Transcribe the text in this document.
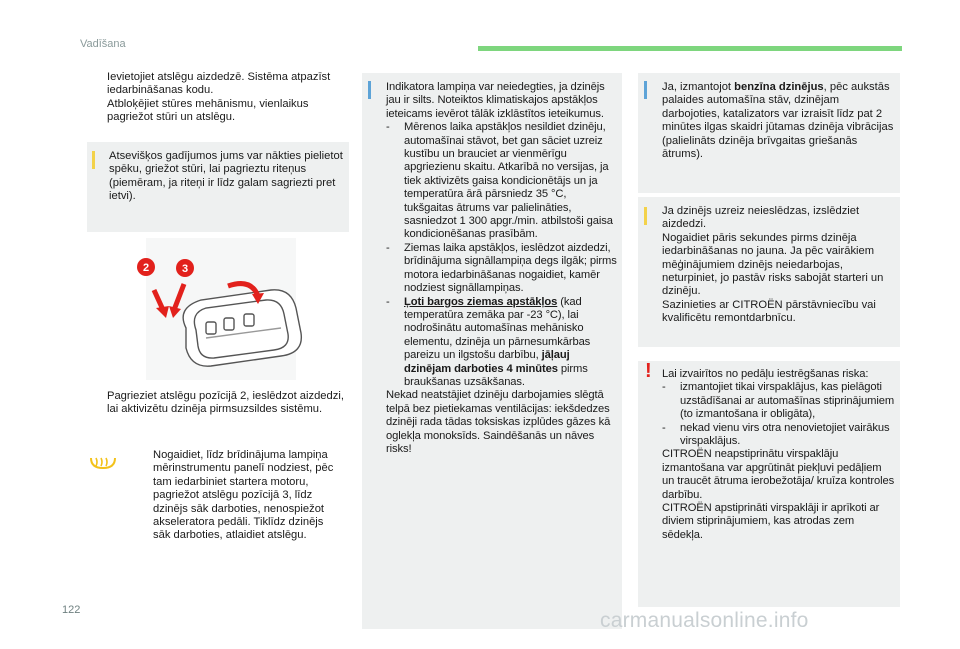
Vadīšana
Ievietojiet atslēgu aizdedzē. Sistēma atpazīst iedarbināšanas kodu.
Atbloķējiet stūres mehānismu, vienlaikus pagriežot stūri un atslēgu.
Atsevišķos gadījumos jums var nākties pielietot spēku, griežot stūri, lai pagrieztu riteņus (piemēram, ja riteņi ir līdz galam sagriezti pret ietvi).
2	3
Pagrieziet atslēgu pozīcijā 2, ieslēdzot aizdedzi, lai aktivizētu dzinēja pirmsuzsildes sistēmu.
Nogaidiet, līdz brīdinājuma lampiņa mērinstrumentu panelī nodziest, pēc tam iedarbiniet startera motoru, pagriežot atslēgu pozīcijā 3, līdz dzinējs sāk darboties, nenospiežot akseleratora pedāli. Tiklīdz dzinējs sāk darboties, atlaidiet atslēgu.
Indikatora lampiņa var neiedegties, ja dzinējs jau ir silts. Noteiktos klimatiskajos apstākļos ieteicams ievērot tālāk izklāstītos ieteikumus.
- Mērenos laika apstākļos nesildiet dzinēju, automašīnai stāvot, bet gan sāciet uzreiz kustību un brauciet ar vienmērīgu apgriezienu skaitu. Atkarībā no versijas, ja tiek aktivizēts gaisa kondicionētājs un ja temperatūra ārā pārsniedz 35 °C, tukšgaitas ātrums var palielināties, sasniedzot 1 300 apgr./min. atbilstoši gaisa kondicionēšanas prasībām.
- Ziemas laika apstākļos, ieslēdzot aizdedzi, brīdinājuma signāllampiņa degs ilgāk; pirms motora iedarbināšanas nogaidiet, kamēr nodziest signāllampiņas.
- Ļoti bargos ziemas apstākļos (kad temperatūra zemāka par -23 °C), lai nodrošinātu automašīnas mehānisko elementu, dzinēja un pārnesumkārbas pareizu un ilgstošu darbību, jāļauj dzinējam darboties 4 minūtes pirms braukšanas uzsākšanas.
Nekad neatstājiet dzinēju darbojamies slēgtā telpā bez pietiekamas ventilācijas: iekšdedzes dzinēji rada tādas toksiskas izplūdes gāzes kā oglekļa monoksīds. Saindēšanās un nāves risks!
Ja, izmantojot benzīna dzinējus, pēc aukstās palaides automašīna stāv, dzinējam darbojoties, katalizators var izraisīt līdz pat 2 minūtes ilgas skaidri jūtamas dzinēja vibrācijas (palielināts dzinēja brīvgaitas griešanās ātrums).
Ja dzinējs uzreiz neieslēdzas, izslēdziet aizdedzi.
Nogaidiet pāris sekundes pirms dzinēja iedarbināšanas no jauna. Ja pēc vairākiem mēģinājumiem dzinējs neiedarbojas, neturpiniet, jo pastāv risks sabojāt starteri un dzinēju.
Sazinieties ar CITROËN pārstāvniecību vai kvalificētu remontdarbnīcu.
! Lai izvairītos no pedāļu iestrēgšanas riska:
- izmantojiet tikai virspaklājus, kas pielāgoti uzstādīšanai ar automašīnas stiprinājumiem (to izmantošana ir obligāta),
- nekad vienu virs otra nenovietojiet vairākus virspaklājus.
CITROËN neapstiprinātu virspaklāju izmantošana var apgrūtināt piekļuvi pedāļiem un traucēt ātruma ierobežotāja/ kruīza kontroles darbību.
CITROËN apstiprināti virspaklāji ir aprīkoti ar diviem stiprinājumiem, kas atrodas zem sēdekļa.
122	carmanualsonline.info
